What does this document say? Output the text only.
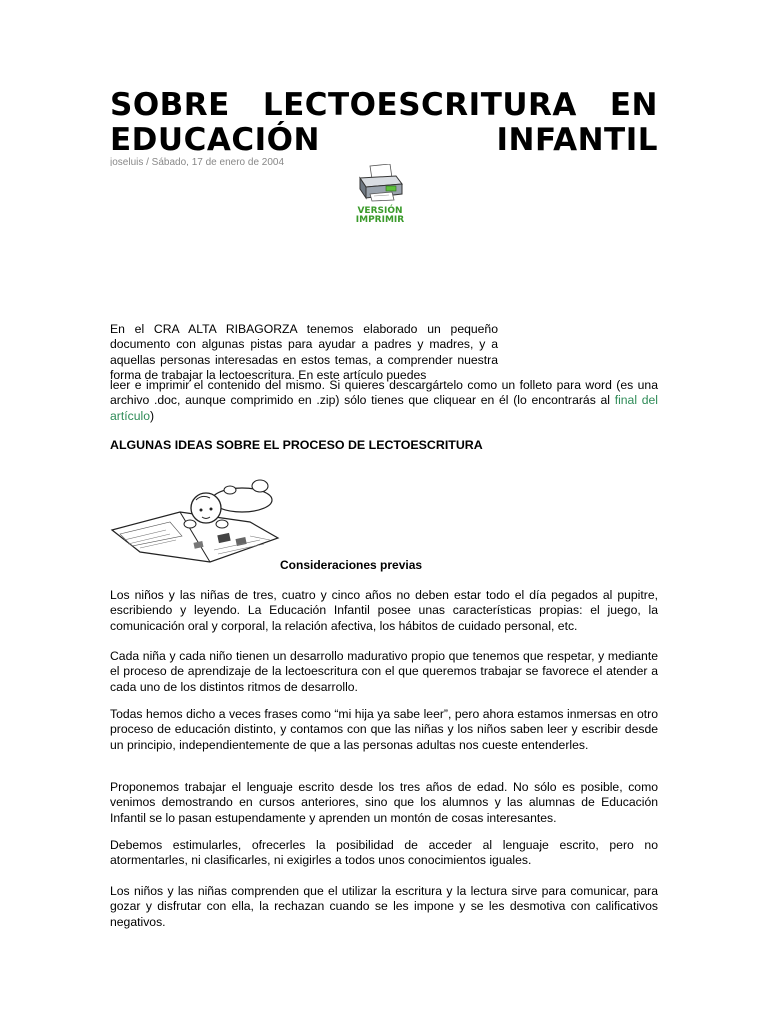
SOBRE LECTOESCRITURA EN
EDUCACIÓN INFANTIL
joseluis / Sábado, 17 de enero de 2004
VERSIÓN
IMPRIMIR

En el CRA ALTA RIBAGORZA tenemos elaborado un pequeño documento con algunas pistas para ayudar a padres y madres, y a aquellas personas interesadas en estos temas, a comprender nuestra forma de trabajar la lectoescritura. En este artículo puedes

leer e imprimir el contenido del mismo. Si quieres descargártelo como un folleto para word (es una archivo .doc, aunque comprimido en .zip) sólo tienes que cliquear en él (lo encontrarás al final del artículo)

ALGUNAS IDEAS SOBRE EL PROCESO DE LECTOESCRITURA
Consideraciones previas

Los niños y las niñas de tres, cuatro y cinco años no deben estar todo el día pegados al pupitre, escribiendo y leyendo. La Educación Infantil posee unas características propias: el juego, la comunicación oral y corporal, la relación afectiva, los hábitos de cuidado personal, etc.

Cada niña y cada niño tienen un desarrollo madurativo propio que tenemos que respetar, y mediante el proceso de aprendizaje de la lectoescritura con el que queremos trabajar se favorece el atender a cada uno de los distintos ritmos de desarrollo.

Todas hemos dicho a veces frases como “mi hija ya sabe leer”, pero ahora estamos inmersas en otro proceso de educación distinto, y contamos con que las niñas y los niños saben leer y escribir desde un principio, independientemente de que a las personas adultas nos cueste entenderles.

Proponemos trabajar el lenguaje escrito desde los tres años de edad. No sólo es posible, como venimos demostrando en cursos anteriores, sino que los alumnos y las alumnas de Educación Infantil se lo pasan estupendamente y aprenden un montón de cosas interesantes.

Debemos estimularles, ofrecerles la posibilidad de acceder al lenguaje escrito, pero no atormentarles, ni clasificarles, ni exigirles a todos unos conocimientos iguales.

Los niños y las niñas comprenden que el utilizar la escritura y la lectura sirve para comunicar, para gozar y disfrutar con ella, la rechazan cuando se les impone y se les desmotiva con calificativos negativos.
